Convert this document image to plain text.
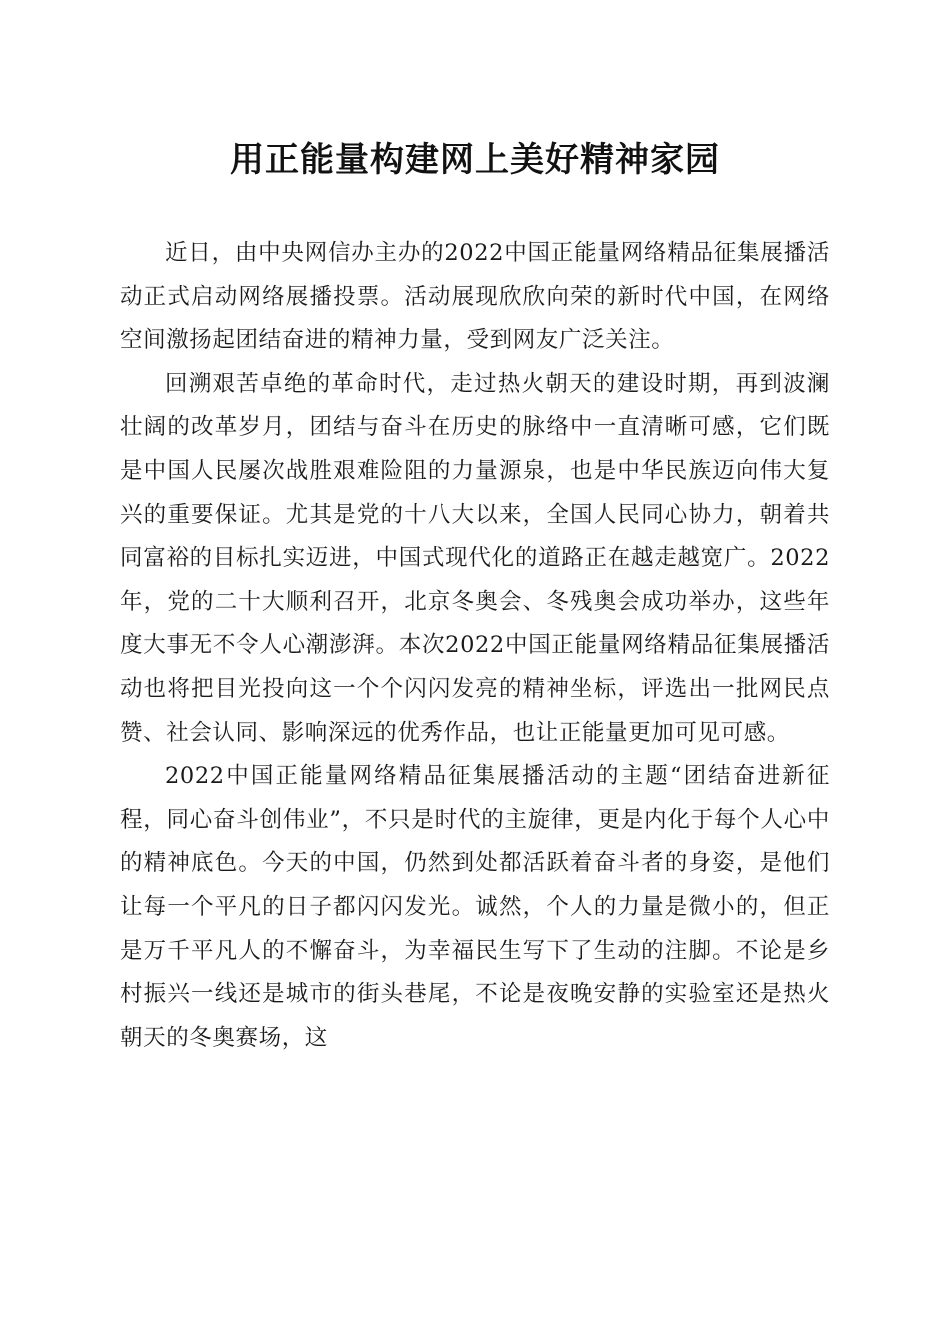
用正能量构建网上美好精神家园

近日，由中央网信办主办的2022中国正能量网络精品征集展播活动正式启动网络展播投票。活动展现欣欣向荣的新时代中国，在网络空间激扬起团结奋进的精神力量，受到网友广泛关注。

回溯艰苦卓绝的革命时代，走过热火朝天的建设时期，再到波澜壮阔的改革岁月，团结与奋斗在历史的脉络中一直清晰可感，它们既是中国人民屡次战胜艰难险阻的力量源泉，也是中华民族迈向伟大复兴的重要保证。尤其是党的十八大以来，全国人民同心协力，朝着共同富裕的目标扎实迈进，中国式现代化的道路正在越走越宽广。2022年，党的二十大顺利召开，北京冬奥会、冬残奥会成功举办，这些年度大事无不令人心潮澎湃。本次2022中国正能量网络精品征集展播活动也将把目光投向这一个个闪闪发亮的精神坐标，评选出一批网民点赞、社会认同、影响深远的优秀作品，也让正能量更加可见可感。

2022中国正能量网络精品征集展播活动的主题“团结奋进新征程，同心奋斗创伟业”，不只是时代的主旋律，更是内化于每个人心中的精神底色。今天的中国，仍然到处都活跃着奋斗者的身姿，是他们让每一个平凡的日子都闪闪发光。诚然，个人的力量是微小的，但正是万千平凡人的不懈奋斗，为幸福民生写下了生动的注脚。不论是乡村振兴一线还是城市的街头巷尾，不论是夜晚安静的实验室还是热火朝天的冬奥赛场，这
